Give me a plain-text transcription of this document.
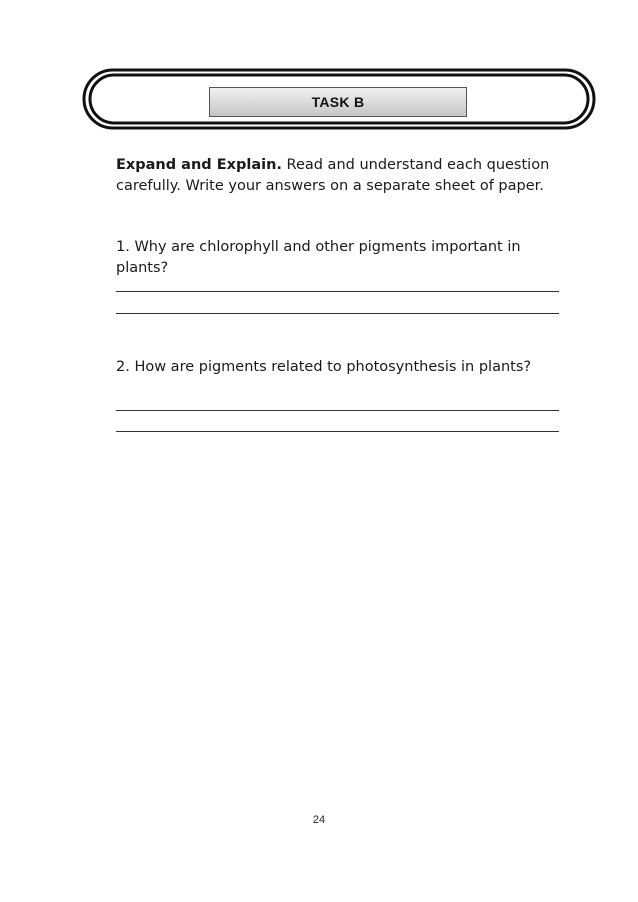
TASK B

Expand and Explain. Read and understand each question carefully. Write your answers on a separate sheet of paper.

1. Why are chlorophyll and other pigments important in plants?

2. How are pigments related to photosynthesis in plants?

24
